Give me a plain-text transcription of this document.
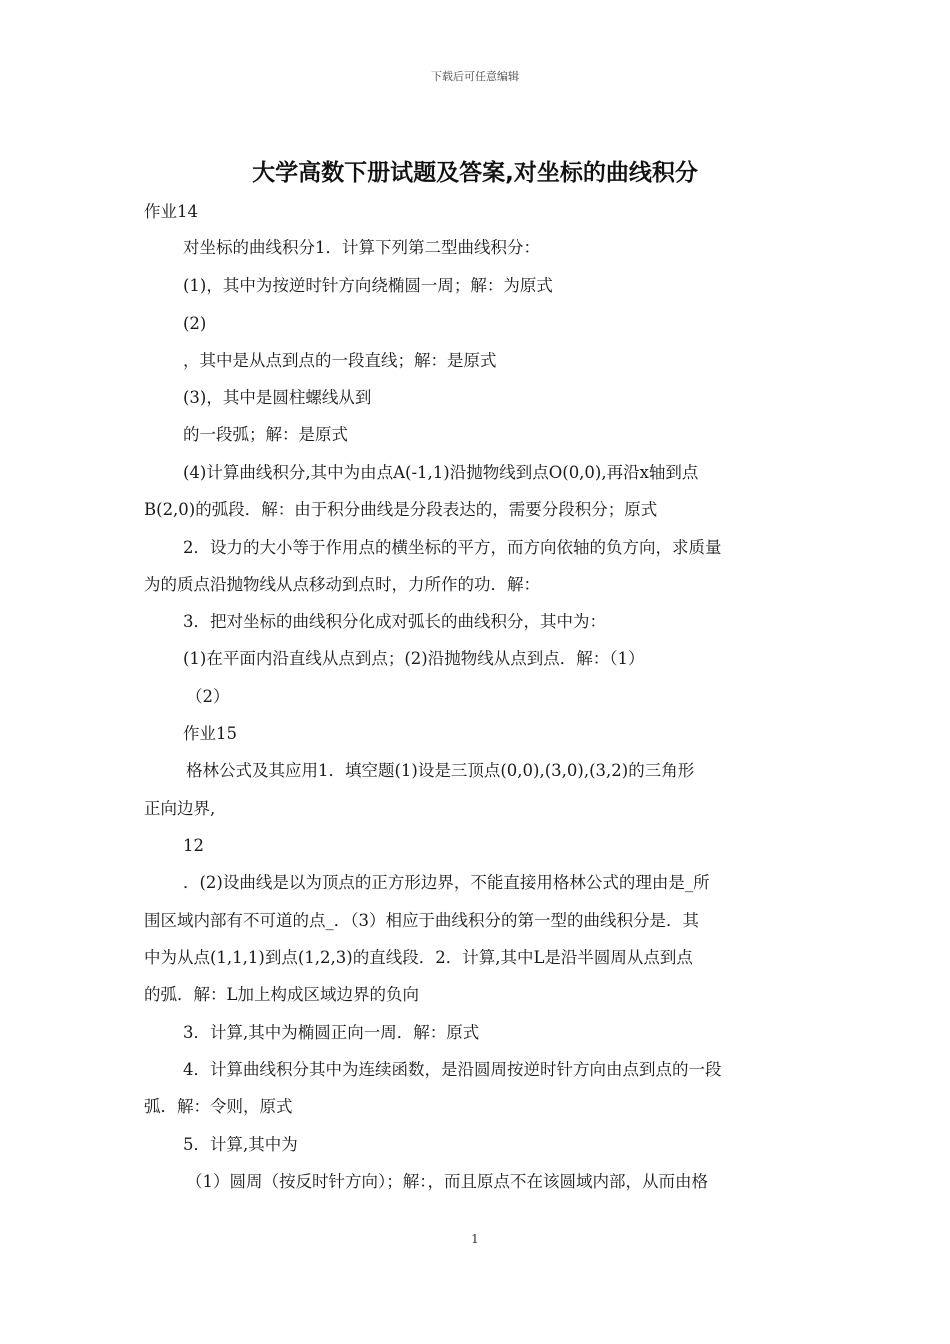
下载后可任意编辑
大学高数下册试题及答案,对坐标的曲线积分
作业14
对坐标的曲线积分1．计算下列第二型曲线积分：
(1)，其中为按逆时针方向绕椭圆一周；解：为原式
(2)
，其中是从点到点的一段直线；解：是原式
(3)，其中是圆柱螺线从到
的一段弧；解：是原式
(4)计算曲线积分,其中为由点A(-1,1)沿抛物线到点O(0,0),再沿x轴到点
B(2,0)的弧段．解：由于积分曲线是分段表达的，需要分段积分；原式
2．设力的大小等于作用点的横坐标的平方，而方向依轴的负方向，求质量
为的质点沿抛物线从点移动到点时，力所作的功．解：
3．把对坐标的曲线积分化成对弧长的曲线积分，其中为：
(1)在平面内沿直线从点到点；(2)沿抛物线从点到点．解：（1）
（2）
作业15
格林公式及其应用1．填空题(1)设是三顶点(0,0),(3,0),(3,2)的三角形
正向边界,
12
．(2)设曲线是以为顶点的正方形边界，不能直接用格林公式的理由是_所
围区域内部有不可道的点_．（3）相应于曲线积分的第一型的曲线积分是．其
中为从点(1,1,1)到点(1,2,3)的直线段．2．计算,其中L是沿半圆周从点到点
的弧．解：L加上构成区域边界的负向
3．计算,其中为椭圆正向一周．解：原式
4．计算曲线积分其中为连续函数，是沿圆周按逆时针方向由点到点的一段
弧．解：令则，原式
5．计算,其中为
（1）圆周（按反时针方向）；解：，而且原点不在该圆域内部，从而由格
1
